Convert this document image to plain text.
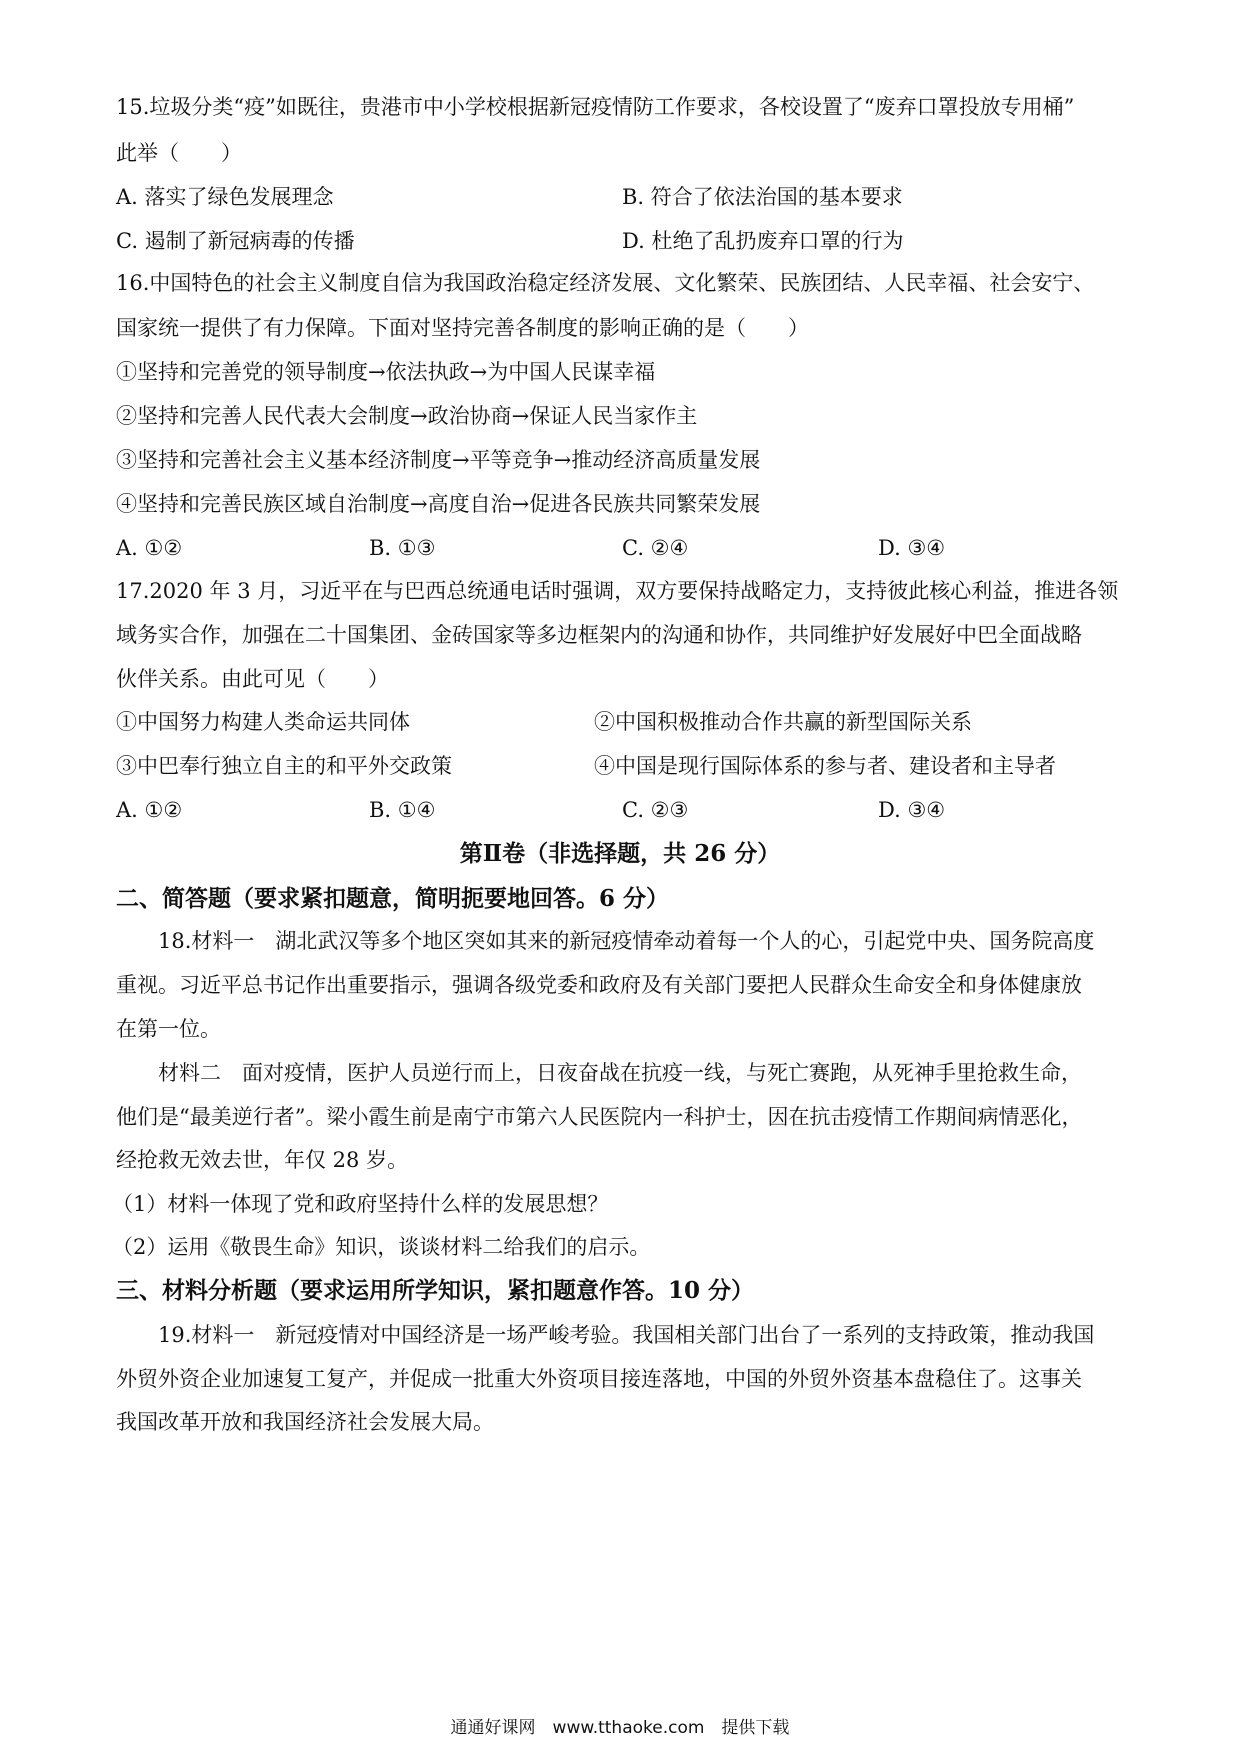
15.垃圾分类“疫”如既往，贵港市中小学校根据新冠疫情防工作要求，各校设置了“废弃口罩投放专用桶”
此举（　　）
A. 落实了绿色发展理念	B. 符合了依法治国的基本要求
C. 遏制了新冠病毒的传播	D. 杜绝了乱扔废弃口罩的行为
16.中国特色的社会主义制度自信为我国政治稳定经济发展、文化繁荣、民族团结、人民幸福、社会安宁、
国家统一提供了有力保障。下面对坚持完善各制度的影响正确的是（　　）
①坚持和完善党的领导制度→依法执政→为中国人民谋幸福
②坚持和完善人民代表大会制度→政治协商→保证人民当家作主
③坚持和完善社会主义基本经济制度→平等竞争→推动经济高质量发展
④坚持和完善民族区域自治制度→高度自治→促进各民族共同繁荣发展
A. ①②	B. ①③	C. ②④	D. ③④
17.2020 年 3 月，习近平在与巴西总统通电话时强调，双方要保持战略定力，支持彼此核心利益，推进各领
域务实合作，加强在二十国集团、金砖国家等多边框架内的沟通和协作，共同维护好发展好中巴全面战略
伙伴关系。由此可见（　　）
①中国努力构建人类命运共同体	②中国积极推动合作共赢的新型国际关系
③中巴奉行独立自主的和平外交政策	④中国是现行国际体系的参与者、建设者和主导者
A. ①②	B. ①④	C. ②③	D. ③④
第Ⅱ卷（非选择题，共 26 分）
二、简答题（要求紧扣题意，简明扼要地回答。6 分）
18.材料一　湖北武汉等多个地区突如其来的新冠疫情牵动着每一个人的心，引起党中央、国务院高度
重视。习近平总书记作出重要指示，强调各级党委和政府及有关部门要把人民群众生命安全和身体健康放
在第一位。
材料二　面对疫情，医护人员逆行而上，日夜奋战在抗疫一线，与死亡赛跑，从死神手里抢救生命，
他们是“最美逆行者”。梁小霞生前是南宁市第六人民医院内一科护士，因在抗击疫情工作期间病情恶化，
经抢救无效去世，年仅 28 岁。
（1）材料一体现了党和政府坚持什么样的发展思想？
（2）运用《敬畏生命》知识，谈谈材料二给我们的启示。
三、材料分析题（要求运用所学知识，紧扣题意作答。10 分）
19.材料一　新冠疫情对中国经济是一场严峻考验。我国相关部门出台了一系列的支持政策，推动我国
外贸外资企业加速复工复产，并促成一批重大外资项目接连落地，中国的外贸外资基本盘稳住了。这事关
我国改革开放和我国经济社会发展大局。
通通好课网　www.tthaoke.com　提供下载
